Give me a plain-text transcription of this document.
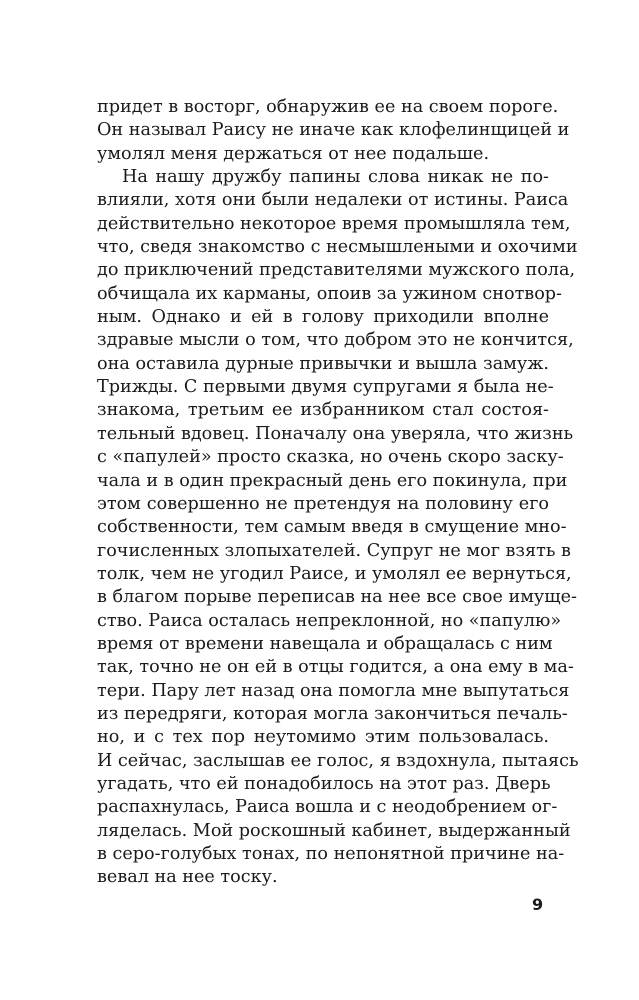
придет в восторг, обнаружив ее на своем пороге.
Он называл Раису не иначе как клофелинщицей и
умолял меня держаться от нее подальше.
На нашу дружбу папины слова никак не по-
влияли, хотя они были недалеки от истины. Раиса
действительно некоторое время промышляла тем,
что, сведя знакомство с несмышлеными и охочими
до приключений представителями мужского пола,
обчищала их карманы, опоив за ужином снотвор-
ным. Однако и ей в голову приходили вполне
здравые мысли о том, что добром это не кончится,
она оставила дурные привычки и вышла замуж.
Трижды. С первыми двумя супругами я была не-
знакома, третьим ее избранником стал состоя-
тельный вдовец. Поначалу она уверяла, что жизнь
с «папулей» просто сказка, но очень скоро заску-
чала и в один прекрасный день его покинула, при
этом совершенно не претендуя на половину его
собственности, тем самым введя в смущение мно-
гочисленных злопыхателей. Супруг не мог взять в
толк, чем не угодил Раисе, и умолял ее вернуться,
в благом порыве переписав на нее все свое имуще-
ство. Раиса осталась непреклонной, но «папулю»
время от времени навещала и обращалась с ним
так, точно не он ей в отцы годится, а она ему в ма-
тери. Пару лет назад она помогла мне выпутаться
из передряги, которая могла закончиться печаль-
но, и с тех пор неутомимо этим пользовалась.
И сейчас, заслышав ее голос, я вздохнула, пытаясь
угадать, что ей понадобилось на этот раз. Дверь
распахнулась, Раиса вошла и с неодобрением ог-
ляделась. Мой роскошный кабинет, выдержанный
в серо-голубых тонах, по непонятной причине на-
вевал на нее тоску.
9
